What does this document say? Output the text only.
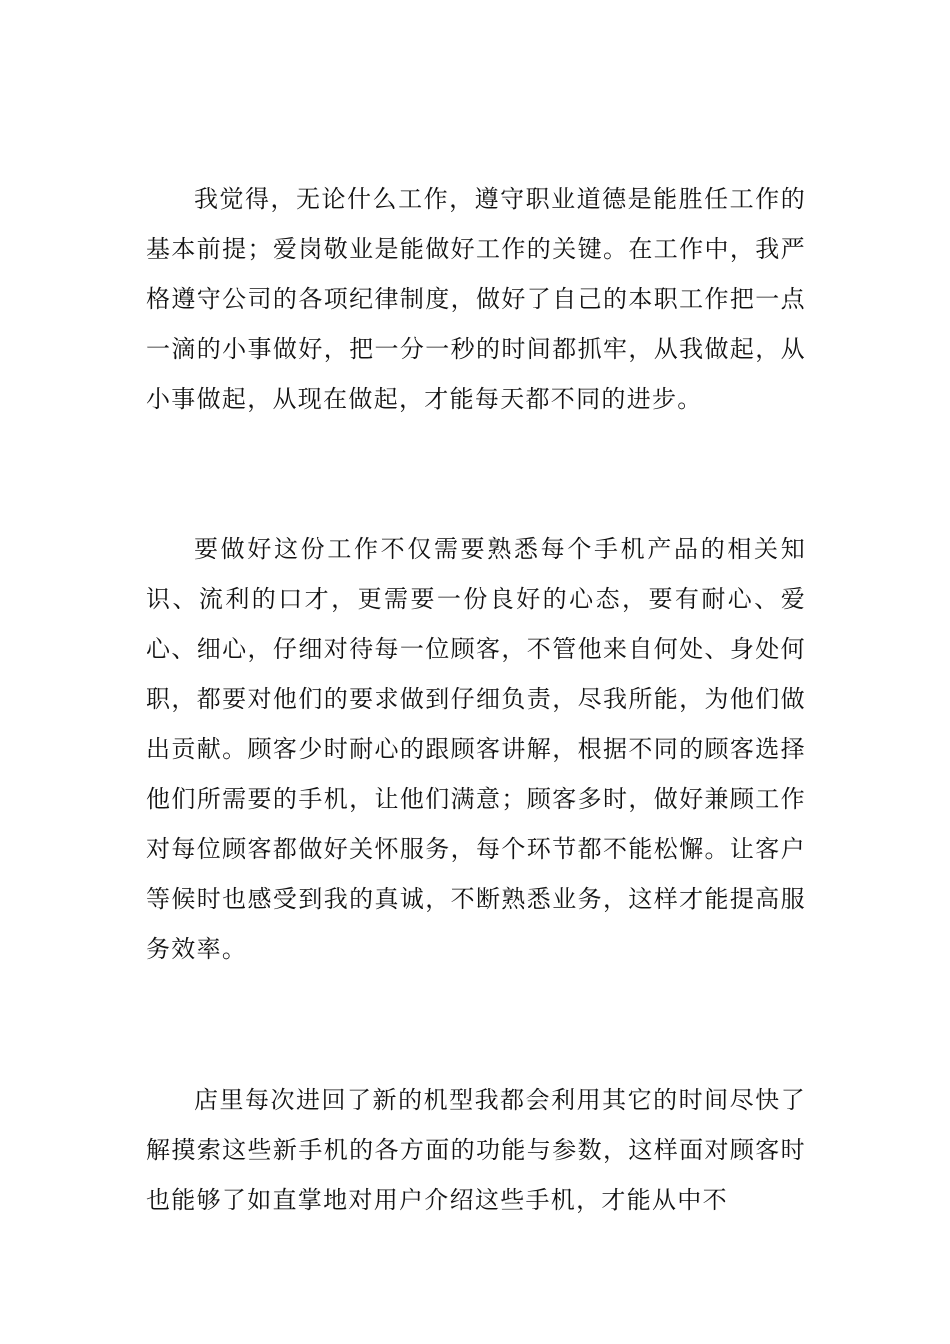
我觉得，无论什么工作，遵守职业道德是能胜任工作的基本前提；爱岗敬业是能做好工作的关键。在工作中，我严格遵守公司的各项纪律制度，做好了自己的本职工作把一点一滴的小事做好，把一分一秒的时间都抓牢，从我做起，从小事做起，从现在做起，才能每天都不同的进步。

要做好这份工作不仅需要熟悉每个手机产品的相关知识、流利的口才，更需要一份良好的心态，要有耐心、爱心、细心，仔细对待每一位顾客，不管他来自何处、身处何职，都要对他们的要求做到仔细负责，尽我所能，为他们做出贡献。顾客少时耐心的跟顾客讲解，根据不同的顾客选择他们所需要的手机，让他们满意；顾客多时，做好兼顾工作对每位顾客都做好关怀服务，每个环节都不能松懈。让客户等候时也感受到我的真诚，不断熟悉业务，这样才能提高服务效率。

店里每次进回了新的机型我都会利用其它的时间尽快了解摸索这些新手机的各方面的功能与参数，这样面对顾客时也能够了如直掌地对用户介绍这些手机，才能从中不
